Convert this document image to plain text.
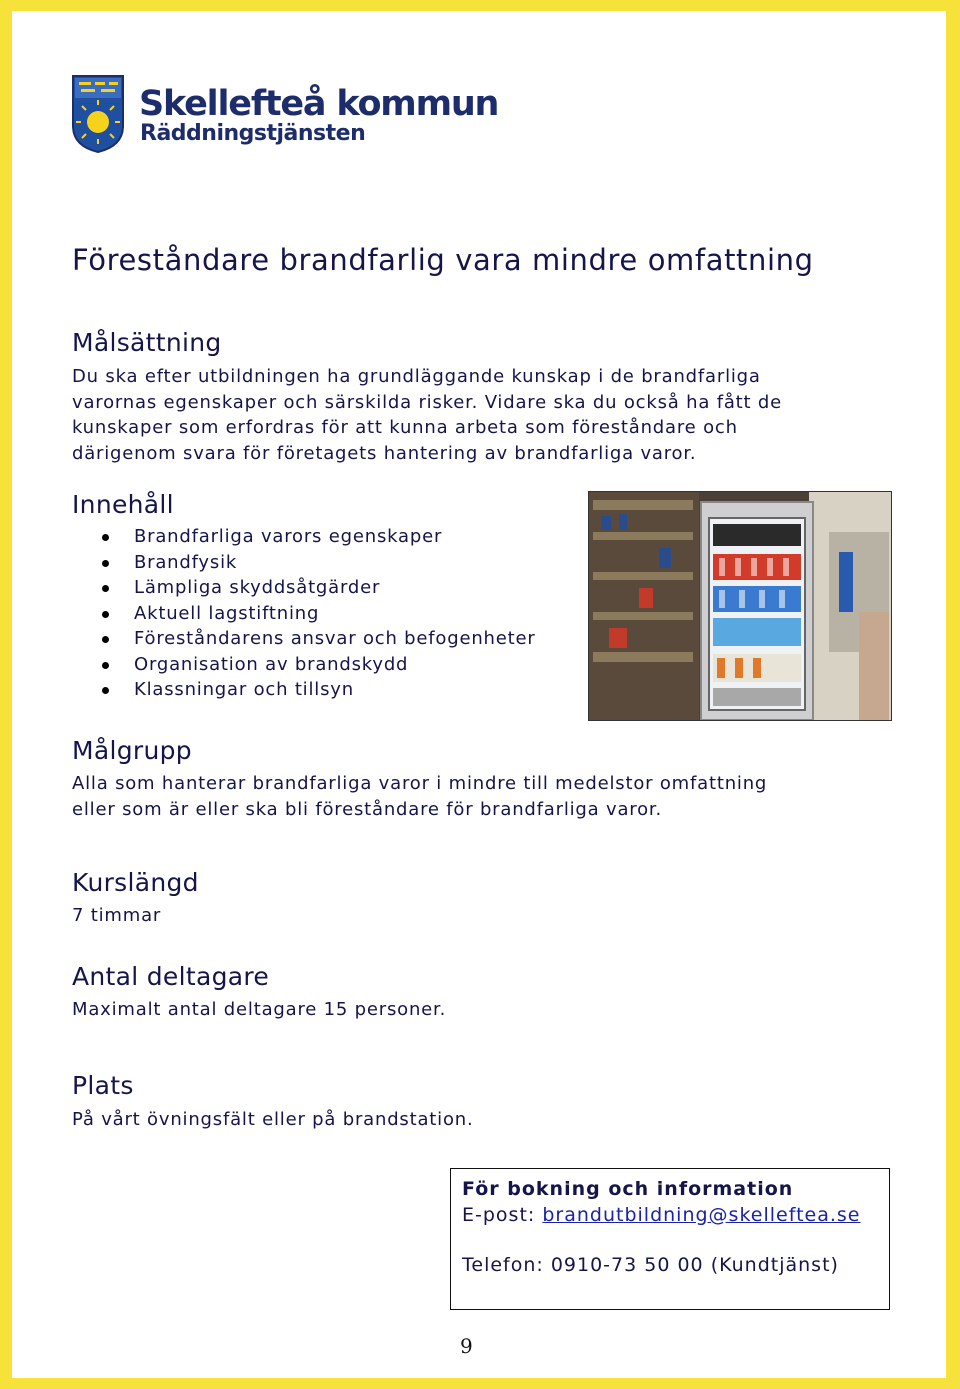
Skellefteå kommun
Räddningstjänsten
Föreståndare brandfarlig vara mindre omfattning
Målsättning
Du ska efter utbildningen ha grundläggande kunskap i de brandfarliga
varornas egenskaper och särskilda risker. Vidare ska du också ha fått de
kunskaper som erfordras för att kunna arbeta som föreståndare och
därigenom svara för företagets hantering av brandfarliga varor.
Innehåll
Brandfarliga varors egenskaper
Brandfysik
Lämpliga skyddsåtgärder
Aktuell lagstiftning
Föreståndarens ansvar och befogenheter
Organisation av brandskydd
Klassningar och tillsyn
Målgrupp
Alla som hanterar brandfarliga varor i mindre till medelstor omfattning
eller som är eller ska bli föreståndare för brandfarliga varor.
Kurslängd
7 timmar
Antal deltagare
Maximalt antal deltagare 15 personer.
Plats
På vårt övningsfält eller på brandstation.
För bokning och information
E-post: brandutbildning@skelleftea.se
Telefon: 0910-73 50 00 (Kundtjänst)
9
